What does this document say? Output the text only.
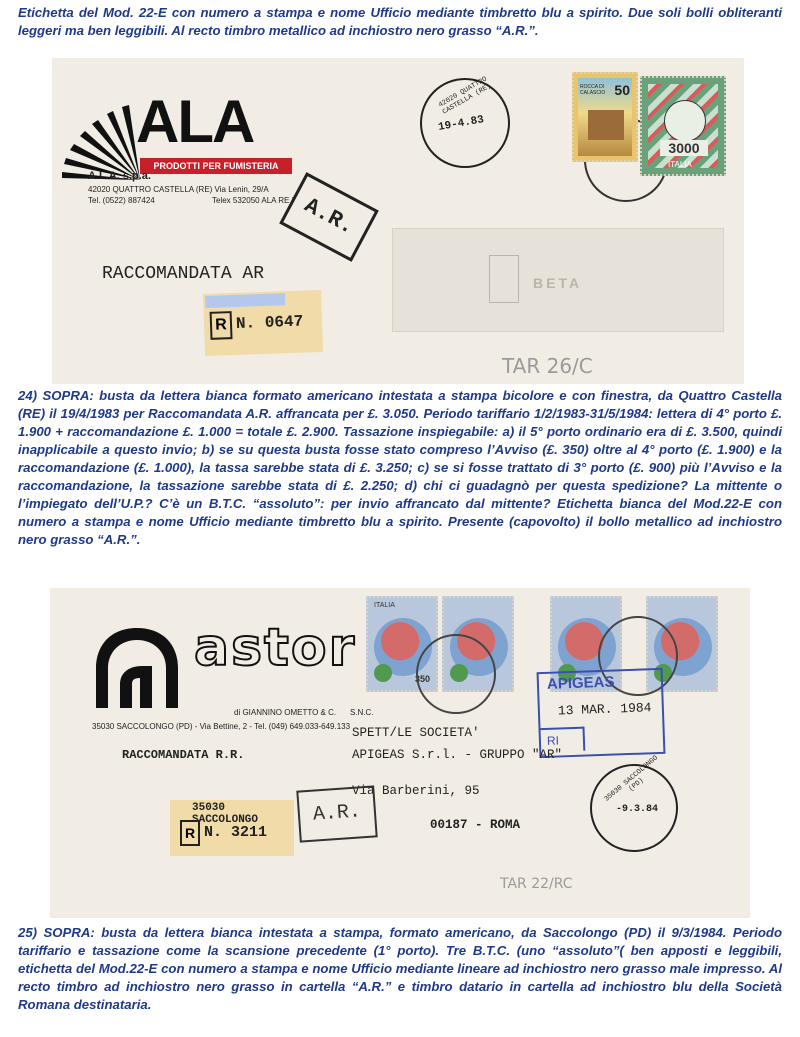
Etichetta del Mod. 22-E con numero a stampa e nome Ufficio mediante timbretto blu a spirito. Due soli bolli obliteranti leggeri ma ben leggibili. Al recto timbro metallico ad inchiostro nero grasso “A.R.”.
ALA
PRODOTTI PER FUMISTERIA
A.L.A. s.p.a.
42020 QUATTRO CASTELLA (RE) Via Lenin, 29/A
Tel. (0522) 887424	Telex 532050 ALA RE I A.R.
42020 QUATTRO CASTELLA (RE)
19-4.83
ROCCA DI CALASCIO 50
3000
ITALIA
BETA
RACCOMANDATA AR
R N. 0647
TAR 26/C
24) SOPRA: busta da lettera bianca formato americano intestata a stampa bicolore e con finestra, da Quattro Castella (RE) il 19/4/1983 per Raccomandata A.R. affrancata per £. 3.050. Periodo tariffario 1/2/1983-31/5/1984: lettera di 4° porto £. 1.900 + raccomandazione £. 1.000 = totale £. 2.900. Tassazione inspiegabile: a) il 5° porto ordinario era di £. 3.500, quindi inapplicabile a questo invio; b) se su questa busta fosse stato compreso l’Avviso (£. 350) oltre al 4° porto (£. 1.900) e la raccomandazione (£. 1.000), la tassa sarebbe stata di £. 3.250; c) se si fosse trattato di 3° porto (£. 900) più l’Avviso e la raccomandazione, la tassazione sarebbe stata di £. 2.250; d) chi ci guadagnò per questa spedizione? La mittente o l’impiegato dell’U.P.? C’è un B.T.C. “assoluto”: per invio affrancato dal mittente? Etichetta bianca del Mod.22-E con numero a stampa e nome Ufficio mediante timbretto blu a spirito. Presente (capovolto) il bollo metallico ad inchiostro nero grasso “A.R.”.
astor
di GIANNINO OMETTO & C. S.N.C.
35030 SACCOLONGO (PD) - Via Bettine, 2 - Tel. (049) 649.033-649.133
ITALIA
350
35030 SACCOLONGO (PD)
-9.3.84
APIGEAS
13 MAR. 1984
RI
RACCOMANDATA R.R.
SPETT/LE SOCIETA'
APIGEAS S.r.l. - GRUPPO "AR"
Via Barberini, 95
00187 - ROMA
A.R.
35030 SACCOLONGO
R N. 3211
TAR 22/RC
25) SOPRA: busta da lettera bianca intestata a stampa, formato americano, da Saccolongo (PD) il 9/3/1984. Periodo tariffario e tassazione come la scansione precedente (1° porto). Tre B.T.C. (uno “assoluto”( ben apposti e leggibili, etichetta del Mod.22-E con numero a stampa e nome Ufficio mediante lineare ad inchiostro nero grasso male impresso. Al recto timbro ad inchiostro nero grasso in cartella “A.R.” e timbro datario in cartella ad inchiostro blu della Società Romana destinataria.
